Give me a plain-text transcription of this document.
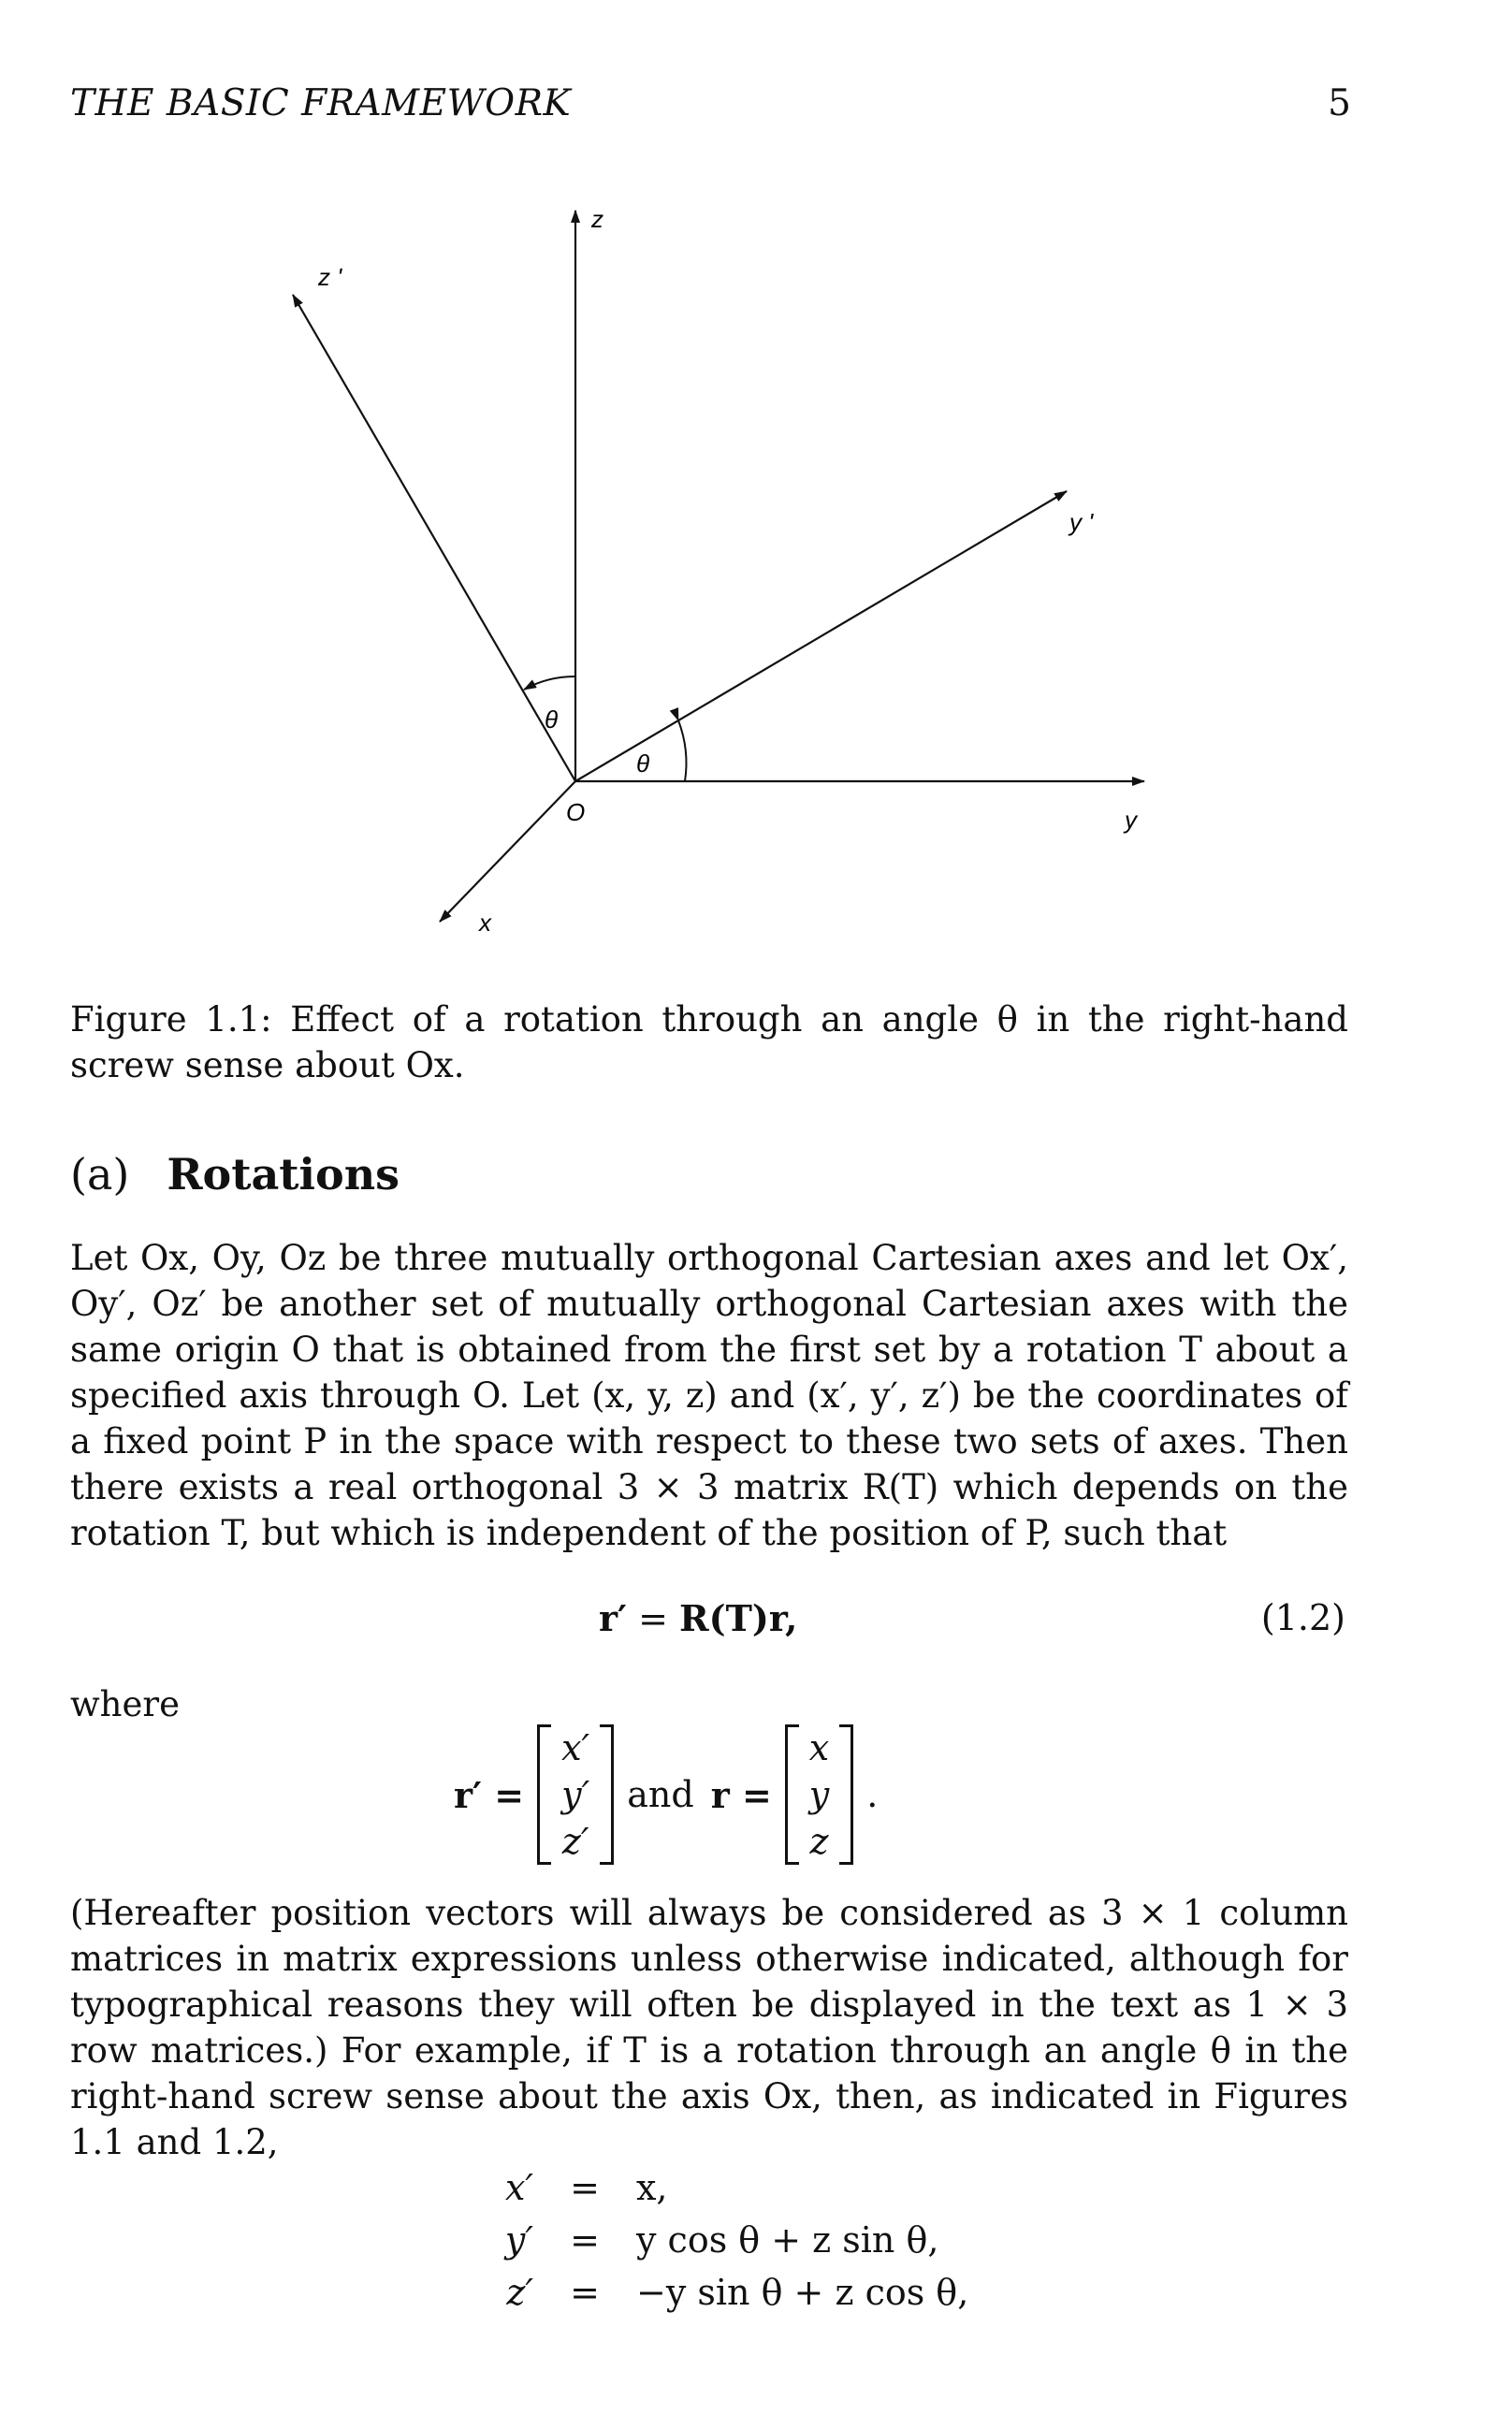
THE BASIC FRAMEWORK	5
z
z '
y '
y
x
O
θ
θ
Figure 1.1: Effect of a rotation through an angle θ in the right-hand screw sense about Ox.
(a) Rotations
Let Ox, Oy, Oz be three mutually orthogonal Cartesian axes and let Ox′, Oy′, Oz′ be another set of mutually orthogonal Cartesian axes with the same origin O that is obtained from the first set by a rotation T about a specified axis through O. Let (x, y, z) and (x′, y′, z′) be the coordinates of a fixed point P in the space with respect to these two sets of axes. Then there exists a real orthogonal 3 × 3 matrix R(T) which depends on the rotation T, but which is independent of the position of P, such that
r′ = R(T)r,	(1.2)
where
r′ =
x′
y′
z′
and r =
x
y
z
.
(Hereafter position vectors will always be considered as 3 × 1 column matrices in matrix expressions unless otherwise indicated, although for typographical reasons they will often be displayed in the text as 1 × 3 row matrices.) For example, if T is a rotation through an angle θ in the right-hand screw sense about the axis Ox, then, as indicated in Figures 1.1 and 1.2,
x′	=	x,
y′	=	y cos θ + z sin θ,
z′	=	−y sin θ + z cos θ,
